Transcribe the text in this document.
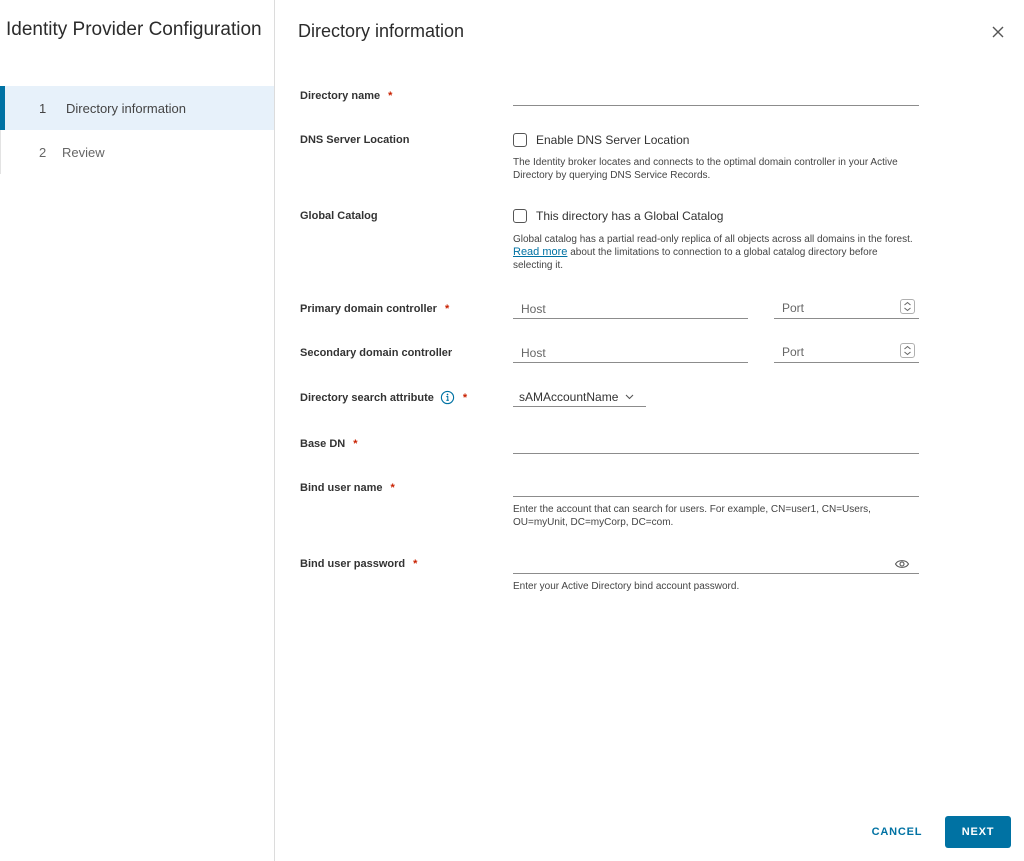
Identity Provider Configuration
1	Directory information
2	Review
Directory information
Directory name *
DNS Server Location	Enable DNS Server Location
The Identity broker locates and connects to the optimal domain controller in your Active Directory by querying DNS Service Records.
Global Catalog	This directory has a Global Catalog
Global catalog has a partial read-only replica of all objects across all domains in the forest. Read more about the limitations to connection to a global catalog directory before selecting it.
Primary domain controller *
Host	Port
Secondary domain controller
Host	Port
Directory search attribute	*	sAMAccountName
Base DN *
Bind user name *
Enter the account that can search for users. For example, CN=user1, CN=Users, OU=myUnit, DC=myCorp, DC=com.
Bind user password *
Enter your Active Directory bind account password.
CANCEL	NEXT
